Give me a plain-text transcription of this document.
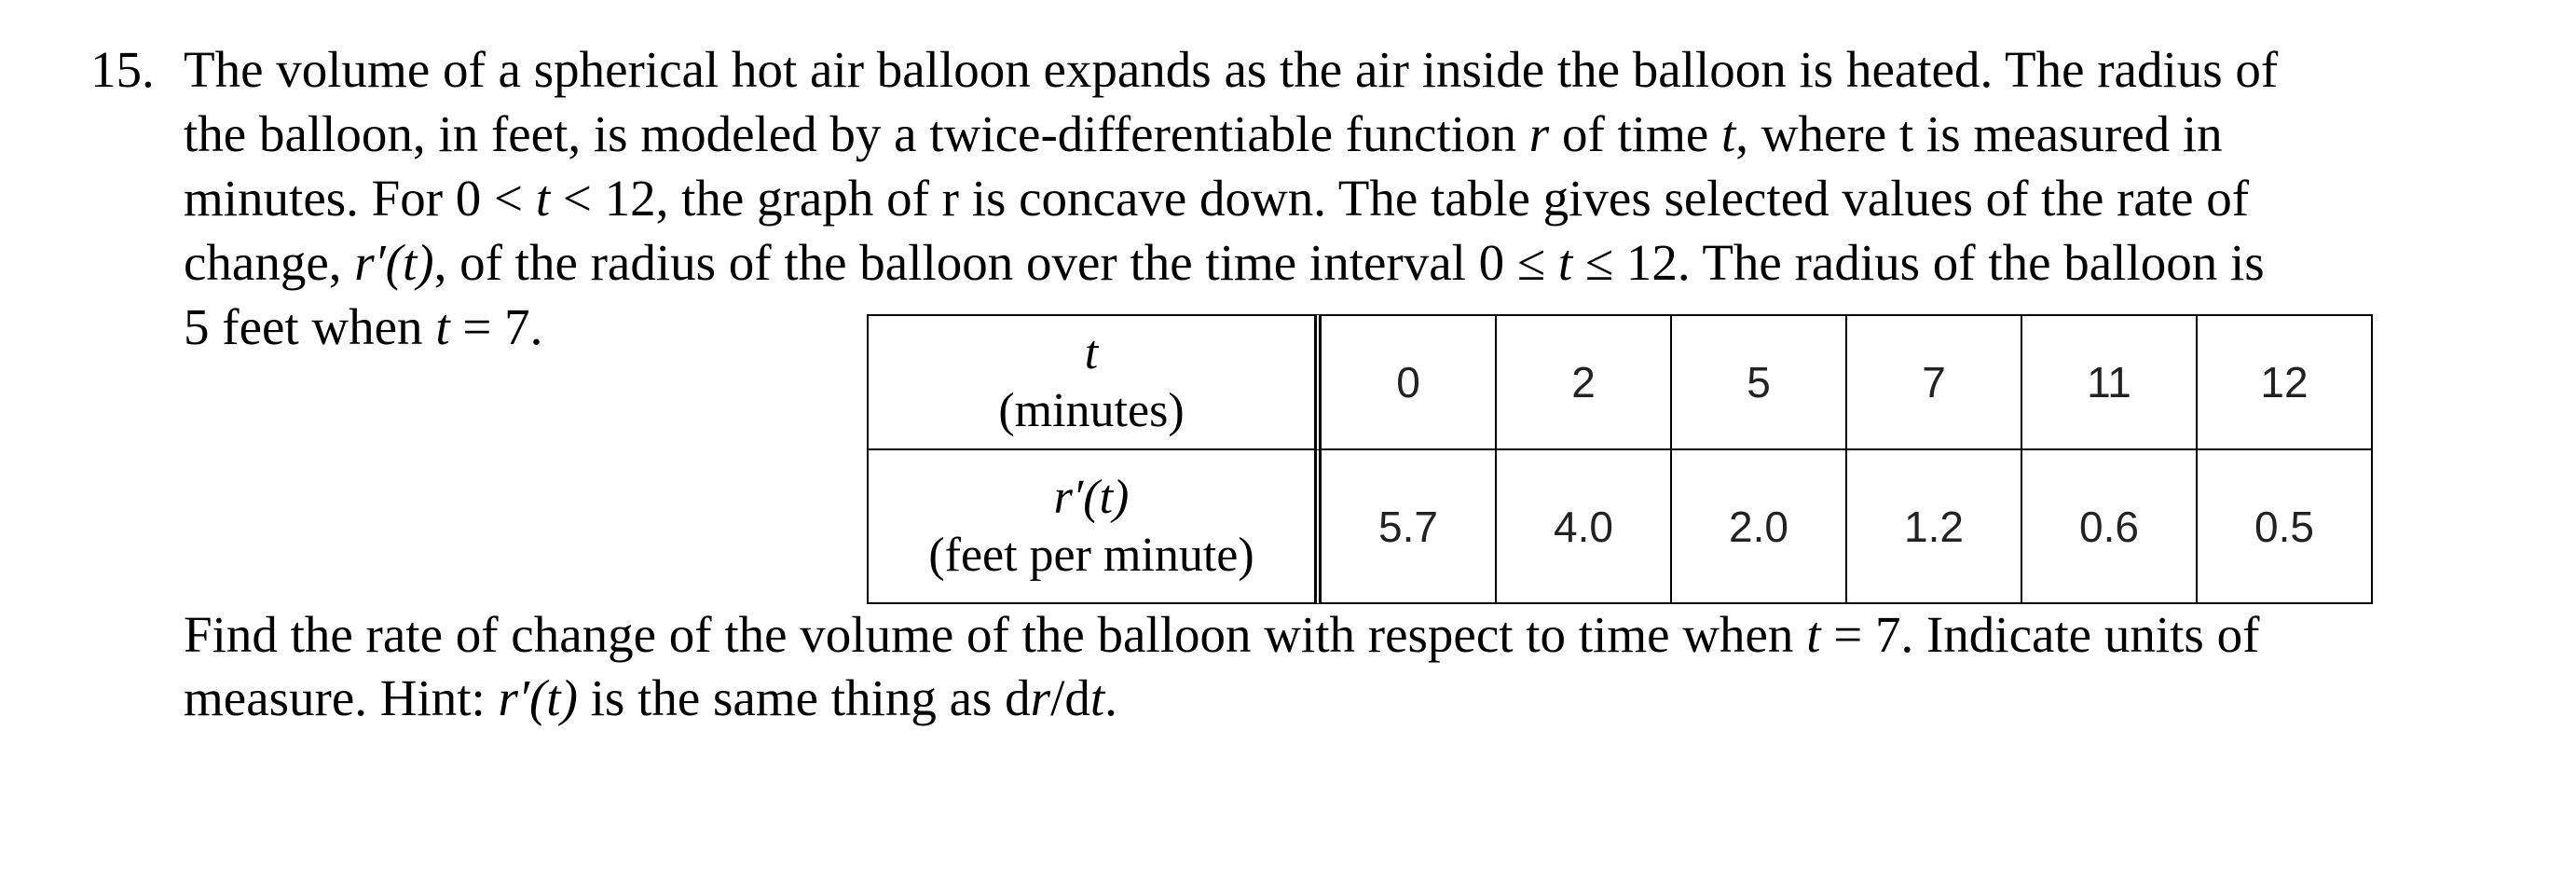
15. The volume of a spherical hot air balloon expands as the air inside the balloon is heated. The radius of
the balloon, in feet, is modeled by a twice-differentiable function r of time t, where t is measured in
minutes. For 0 < t < 12, the graph of r is concave down. The table gives selected values of the rate of
change, r′(t), of the radius of the balloon over the time interval 0 ≤ t ≤ 12. The radius of the balloon is
5 feet when t = 7.	t
(minutes)	0	2	5	7	11	12

r′(t)
(feet per minute)	5.7	4.0	2.0	1.2	0.6	0.5
Find the rate of change of the volume of the balloon with respect to time when t = 7. Indicate units of
measure. Hint: r′(t) is the same thing as dr/dt.
